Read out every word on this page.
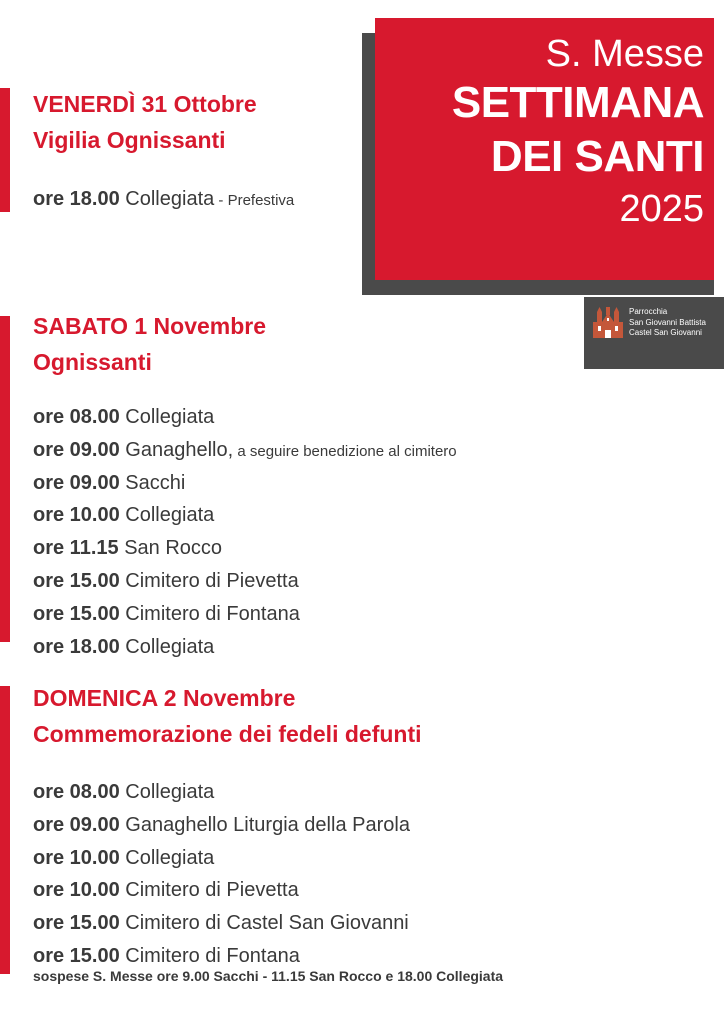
S. Messe
SETTIMANA
DEI SANTI
2025
Parrocchia
San Giovanni Battista
Castel San Giovanni
VENERDÌ 31 Ottobre
Vigilia Ognissanti
ore 18.00 Collegiata - Prefestiva
SABATO 1 Novembre
Ognissanti
ore 08.00 Collegiata
ore 09.00 Ganaghello, a seguire benedizione al cimitero
ore 09.00 Sacchi
ore 10.00 Collegiata
ore 11.15 San Rocco
ore 15.00 Cimitero di Pievetta
ore 15.00 Cimitero di Fontana
ore 18.00 Collegiata
DOMENICA 2 Novembre
Commemorazione dei fedeli defunti
ore 08.00 Collegiata
ore 09.00 Ganaghello Liturgia della Parola
ore 10.00 Collegiata
ore 10.00 Cimitero di Pievetta
ore 15.00 Cimitero di Castel San Giovanni
ore 15.00 Cimitero di Fontana
sospese S. Messe ore 9.00 Sacchi - 11.15 San Rocco e 18.00 Collegiata
